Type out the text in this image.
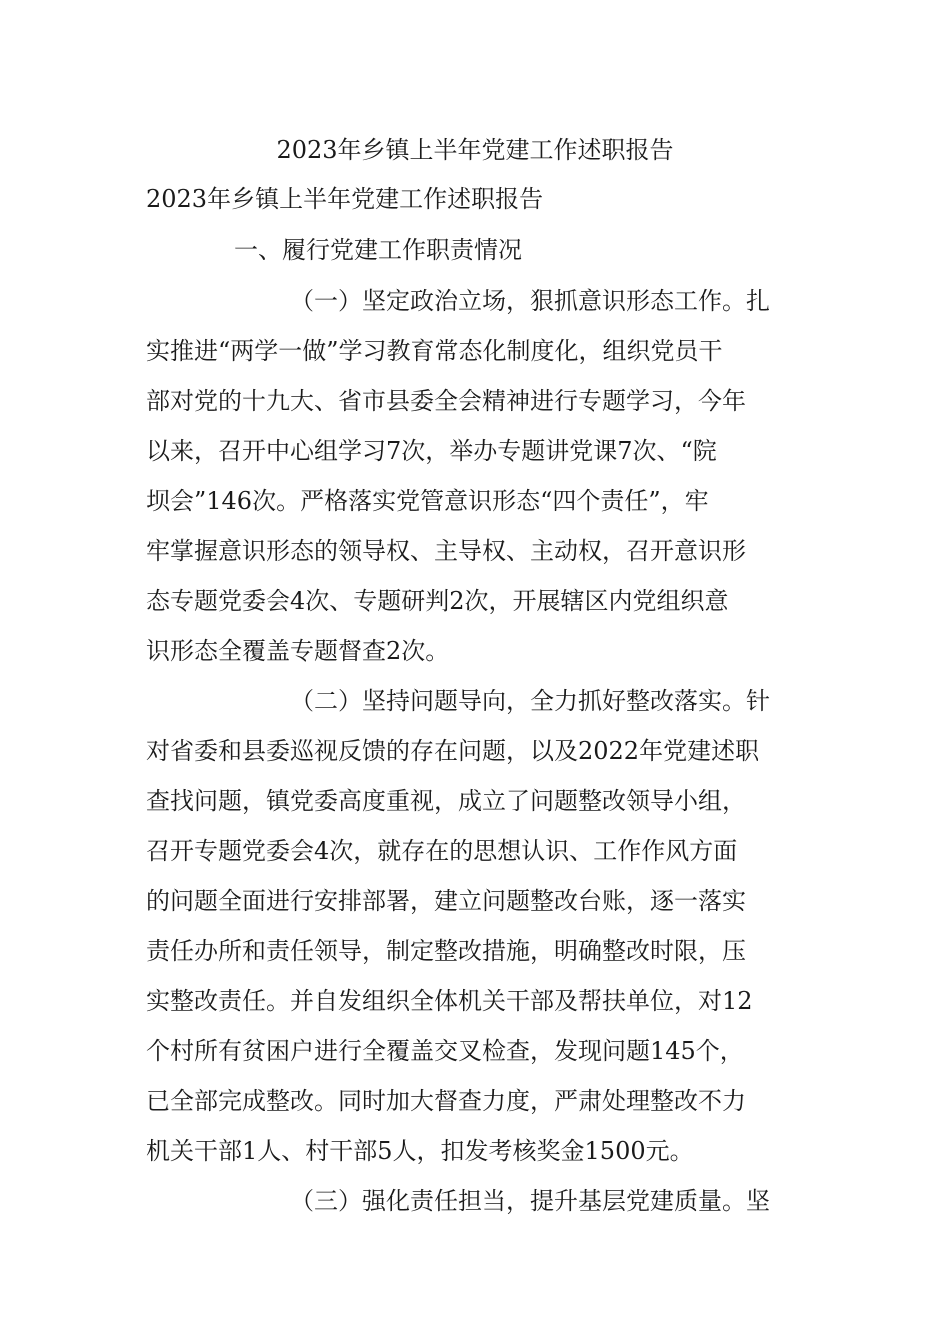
2023年乡镇上半年党建工作述职报告
2023年乡镇上半年党建工作述职报告
一、履行党建工作职责情况
（一）坚定政治立场，狠抓意识形态工作。扎
实推进“两学一做”学习教育常态化制度化，组织党员干
部对党的十九大、省市县委全会精神进行专题学习，今年
以来，召开中心组学习7次，举办专题讲党课7次、“院
坝会”146次。严格落实党管意识形态“四个责任”，牢
牢掌握意识形态的领导权、主导权、主动权，召开意识形
态专题党委会4次、专题研判2次，开展辖区内党组织意
识形态全覆盖专题督查2次。
（二）坚持问题导向，全力抓好整改落实。针
对省委和县委巡视反馈的存在问题，以及2022年党建述职
查找问题，镇党委高度重视，成立了问题整改领导小组，
召开专题党委会4次，就存在的思想认识、工作作风方面
的问题全面进行安排部署，建立问题整改台账，逐一落实
责任办所和责任领导，制定整改措施，明确整改时限，压
实整改责任。并自发组织全体机关干部及帮扶单位，对12
个村所有贫困户进行全覆盖交叉检查，发现问题145个，
已全部完成整改。同时加大督查力度，严肃处理整改不力
机关干部1人、村干部5人，扣发考核奖金1500元。
（三）强化责任担当，提升基层党建质量。坚
